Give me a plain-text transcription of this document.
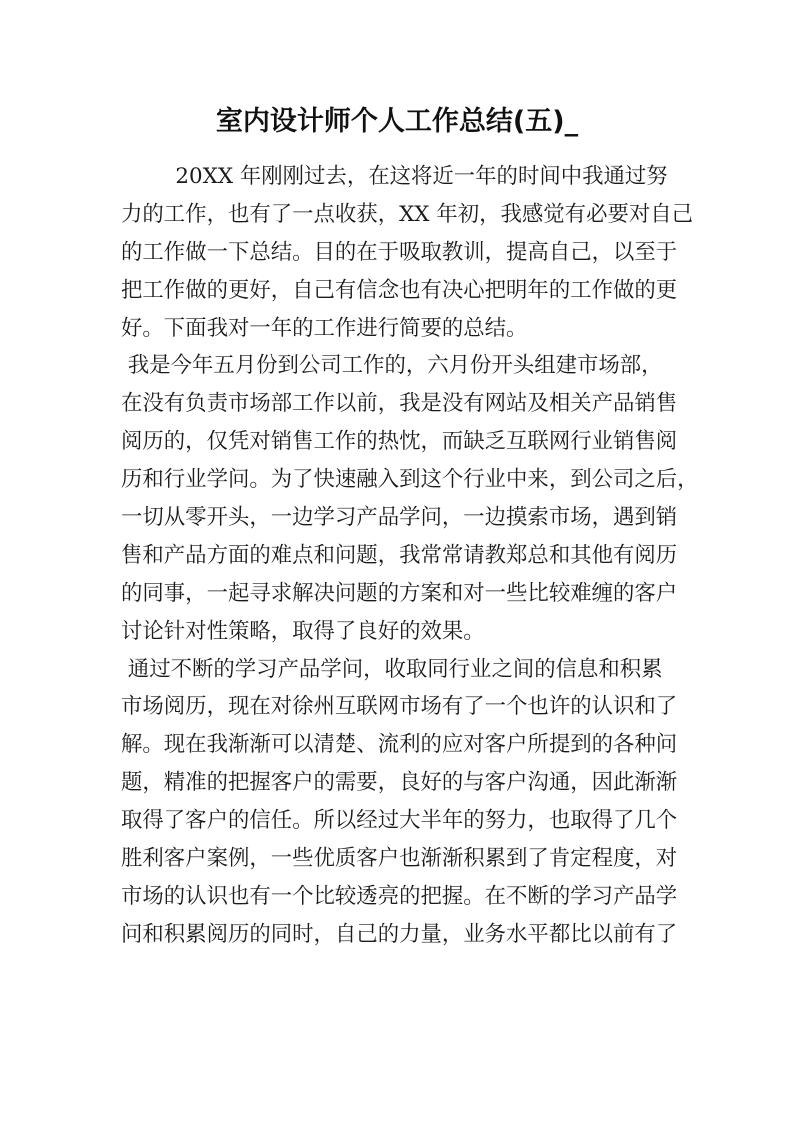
室内设计师个人工作总结(五)_
20XX 年刚刚过去，在这将近一年的时间中我通过努
力的工作，也有了一点收获，XX 年初，我感觉有必要对自己
的工作做一下总结。目的在于吸取教训，提高自己，以至于
把工作做的更好，自己有信念也有决心把明年的工作做的更
好。下面我对一年的工作进行简要的总结。
我是今年五月份到公司工作的，六月份开头组建市场部，
在没有负责市场部工作以前，我是没有网站及相关产品销售
阅历的，仅凭对销售工作的热忱，而缺乏互联网行业销售阅
历和行业学问。为了快速融入到这个行业中来，到公司之后，
一切从零开头，一边学习产品学问，一边摸索市场，遇到销
售和产品方面的难点和问题，我常常请教郑总和其他有阅历
的同事，一起寻求解决问题的方案和对一些比较难缠的客户
讨论针对性策略，取得了良好的效果。
通过不断的学习产品学问，收取同行业之间的信息和积累
市场阅历，现在对徐州互联网市场有了一个也许的认识和了
解。现在我渐渐可以清楚、流利的应对客户所提到的各种问
题，精准的把握客户的需要，良好的与客户沟通，因此渐渐
取得了客户的信任。所以经过大半年的努力，也取得了几个
胜利客户案例，一些优质客户也渐渐积累到了肯定程度，对
市场的认识也有一个比较透亮的把握。在不断的学习产品学
问和积累阅历的同时，自己的力量，业务水平都比以前有了
